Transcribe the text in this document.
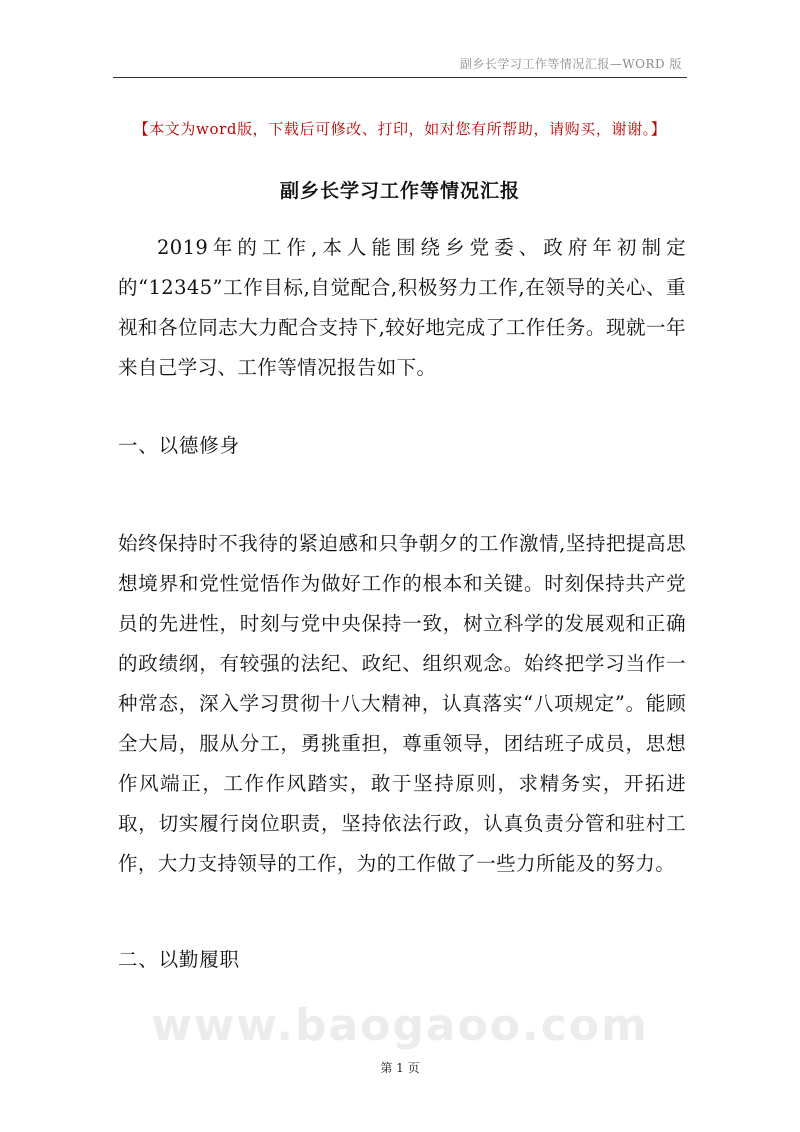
副乡长学习工作等情况汇报—WORD 版
【本文为word版，下载后可修改、打印，如对您有所帮助，请购买，谢谢。】
副乡长学习工作等情况汇报

2019年的工作,本人能围绕乡党委、政府年初制定的“12345”工作目标,自觉配合,积极努力工作,在领导的关心、重视和各位同志大力配合支持下,较好地完成了工作任务。现就一年来自己学习、工作等情况报告如下。

一、以德修身

始终保持时不我待的紧迫感和只争朝夕的工作激情,坚持把提高思想境界和党性觉悟作为做好工作的根本和关键。时刻保持共产党员的先进性，时刻与党中央保持一致，树立科学的发展观和正确的政绩纲，有较强的法纪、政纪、组织观念。始终把学习当作一种常态，深入学习贯彻十八大精神，认真落实“八项规定”。能顾全大局，服从分工，勇挑重担，尊重领导，团结班子成员，思想作风端正，工作作风踏实，敢于坚持原则，求精务实，开拓进取，切实履行岗位职责，坚持依法行政，认真负责分管和驻村工作，大力支持领导的工作，为的工作做了一些力所能及的努力。

二、以勤履职
www.baogaoo.com
第 1 页
